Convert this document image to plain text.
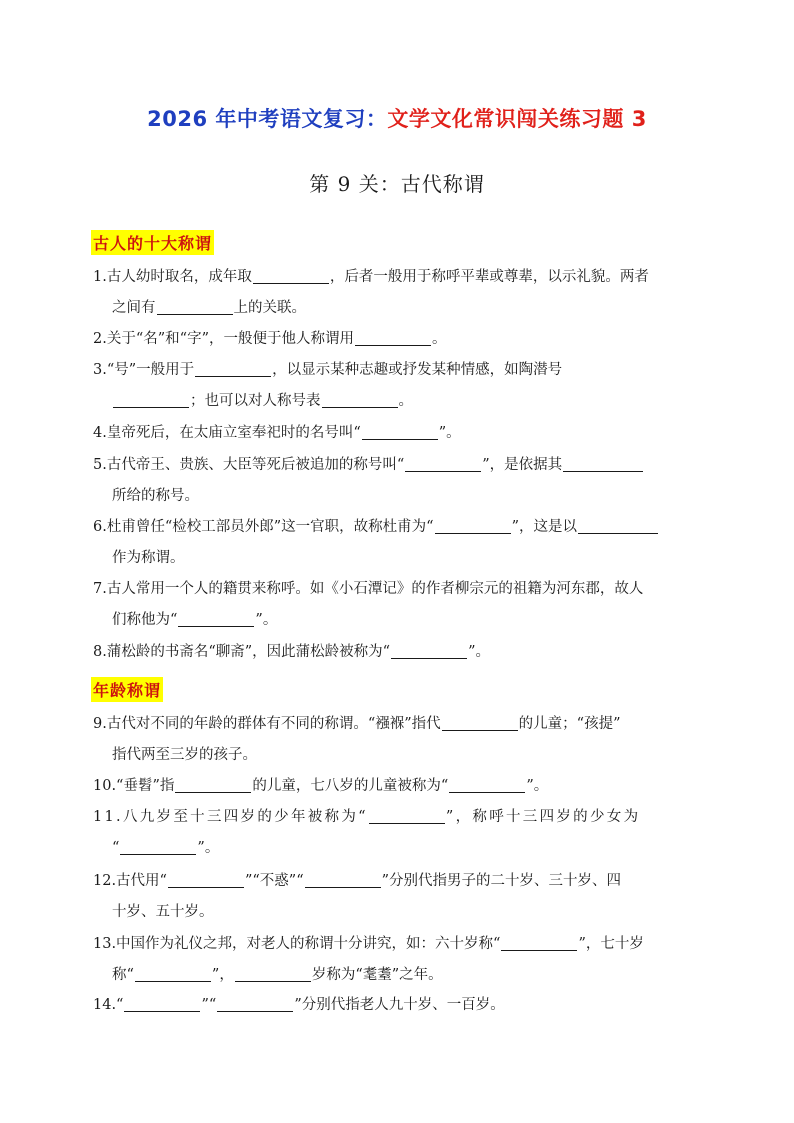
2026 年中考语文复习：文学文化常识闯关练习题 3
第 9 关：古代称谓
古人的十大称谓
1.古人幼时取名，成年取	，后者一般用于称呼平辈或尊辈，以示礼貌。两者
之间有	上的关联。
2.关于“名”和“字”，一般便于他人称谓用	。
3.“号”一般用于	，以显示某种志趣或抒发某种情感，如陶潜号
；也可以对人称号表	。
4.皇帝死后，在太庙立室奉祀时的名号叫“	”。
5.古代帝王、贵族、大臣等死后被追加的称号叫“	”，是依据其
所给的称号。
6.杜甫曾任“检校工部员外郎”这一官职，故称杜甫为“	”，这是以
作为称谓。
7.古人常用一个人的籍贯来称呼。如《小石潭记》的作者柳宗元的祖籍为河东郡，故人
们称他为“	”。
8.蒲松龄的书斋名“聊斋”，因此蒲松龄被称为“	”。
年龄称谓
9.古代对不同的年龄的群体有不同的称谓。“襁褓”指代	的儿童；“孩提”
指代两至三岁的孩子。
10.“垂髫”指	的儿童，七八岁的儿童被称为“	”。
11.八九岁至十三四岁的少年被称为“	”，称呼十三四岁的少女为
“	”。
12.古代用“	”“不惑”“	”分别代指男子的二十岁、三十岁、四
十岁、五十岁。
13.中国作为礼仪之邦，对老人的称谓十分讲究，如：六十岁称“	”，七十岁
称“	”，	岁称为“耄耋”之年。
14.“	”“	”分别代指老人九十岁、一百岁。
